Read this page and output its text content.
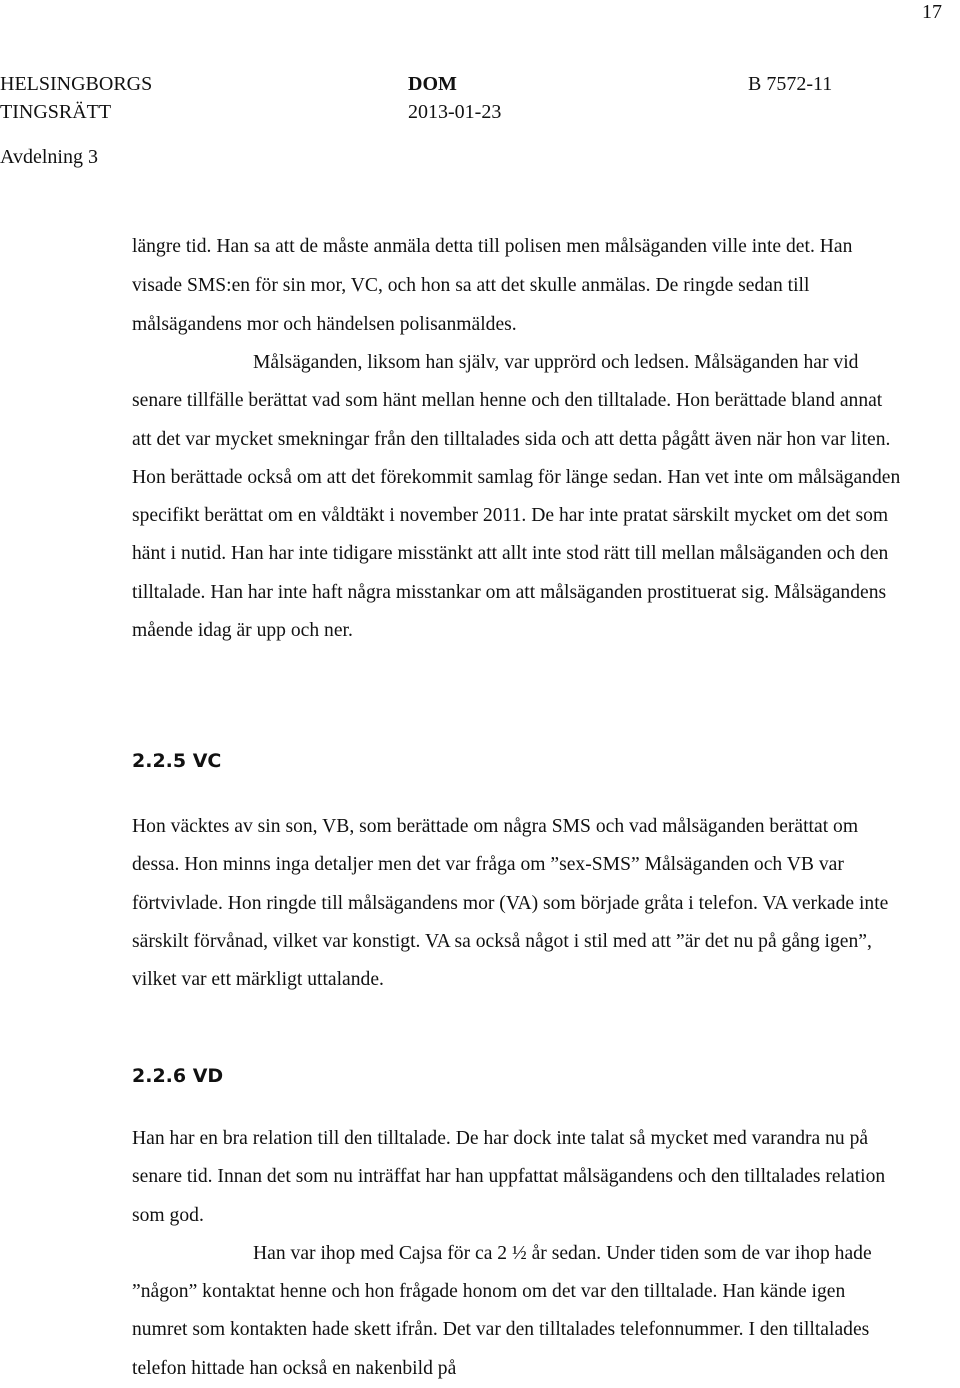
17
HELSINGBORGS
TINGSRÄTT
DOM
2013-01-23
B 7572-11
Avdelning 3

längre tid. Han sa att de måste anmäla detta till polisen men målsäganden ville inte det. Han visade SMS:en för sin mor, VC, och hon sa att det skulle anmälas. De ringde sedan till målsägandens mor och händelsen polisanmäldes.

Målsäganden, liksom han själv, var upprörd och ledsen. Målsäganden har vid senare tillfälle berättat vad som hänt mellan henne och den tilltalade. Hon berättade bland annat att det var mycket smekningar från den tilltalades sida och att detta pågått även när hon var liten. Hon berättade också om att det förekommit samlag för länge sedan. Han vet inte om målsäganden specifikt berättat om en våldtäkt i november 2011. De har inte pratat särskilt mycket om det som hänt i nutid. Han har inte tidigare misstänkt att allt inte stod rätt till mellan målsäganden och den tilltalade. Han har inte haft några misstankar om att målsäganden prostituerat sig. Målsägandens mående idag är upp och ner.

2.2.5 VC

Hon väcktes av sin son, VB, som berättade om några SMS och vad målsäganden berättat om dessa. Hon minns inga detaljer men det var fråga om ”sex-SMS” Målsäganden och VB var förtvivlade. Hon ringde till målsägandens mor (VA) som började gråta i telefon. VA verkade inte särskilt förvånad, vilket var konstigt. VA sa också något i stil med att ”är det nu på gång igen”, vilket var ett märkligt uttalande.

2.2.6 VD

Han har en bra relation till den tilltalade. De har dock inte talat så mycket med varandra nu på senare tid. Innan det som nu inträffat har han uppfattat målsägandens och den tilltalades relation som god.

Han var ihop med Cajsa för ca 2 ½ år sedan. Under tiden som de var ihop hade ”någon” kontaktat henne och hon frågade honom om det var den tilltalade. Han kände igen numret som kontakten hade skett ifrån. Det var den tilltalades telefonnummer. I den tilltalades telefon hittade han också en nakenbild på
